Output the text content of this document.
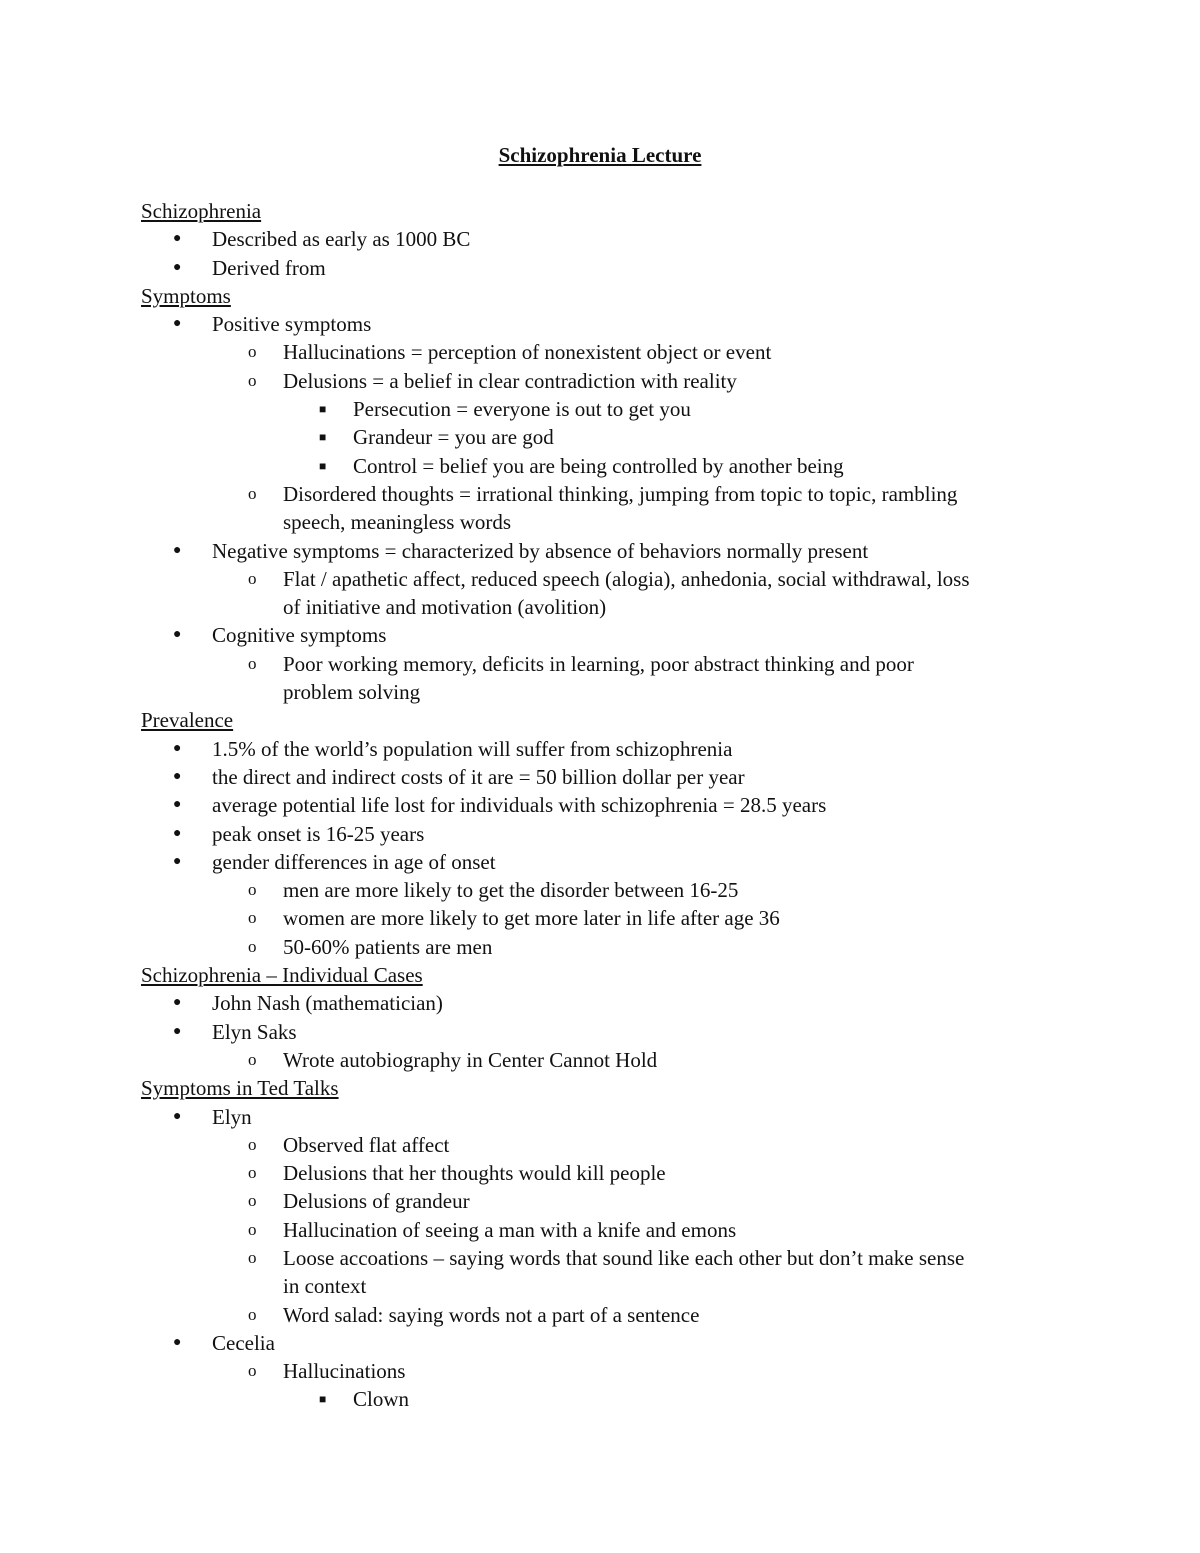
Schizophrenia Lecture
Schizophrenia
● Described as early as 1000 BC
● Derived from
Symptoms
● Positive symptoms
o Hallucinations = perception of nonexistent object or event
o Delusions = a belief in clear contradiction with reality
■ Persecution = everyone is out to get you
■ Grandeur = you are god
■ Control = belief you are being controlled by another being
o Disordered thoughts = irrational thinking, jumping from topic to topic, rambling
speech, meaningless words
● Negative symptoms = characterized by absence of behaviors normally present
o Flat / apathetic affect, reduced speech (alogia), anhedonia, social withdrawal, loss
of initiative and motivation (avolition)
● Cognitive symptoms
o Poor working memory, deficits in learning, poor abstract thinking and poor
problem solving
Prevalence
● 1.5% of the world’s population will suffer from schizophrenia
● the direct and indirect costs of it are = 50 billion dollar per year
● average potential life lost for individuals with schizophrenia = 28.5 years
● peak onset is 16-25 years
● gender differences in age of onset
o men are more likely to get the disorder between 16-25
o women are more likely to get more later in life after age 36
o 50-60% patients are men
Schizophrenia – Individual Cases
● John Nash (mathematician)
● Elyn Saks
o Wrote autobiography in Center Cannot Hold
Symptoms in Ted Talks
● Elyn
o Observed flat affect
o Delusions that her thoughts would kill people
o Delusions of grandeur
o Hallucination of seeing a man with a knife and emons
o Loose accoations – saying words that sound like each other but don’t make sense
in context
o Word salad: saying words not a part of a sentence
● Cecelia
o Hallucinations
■ Clown
